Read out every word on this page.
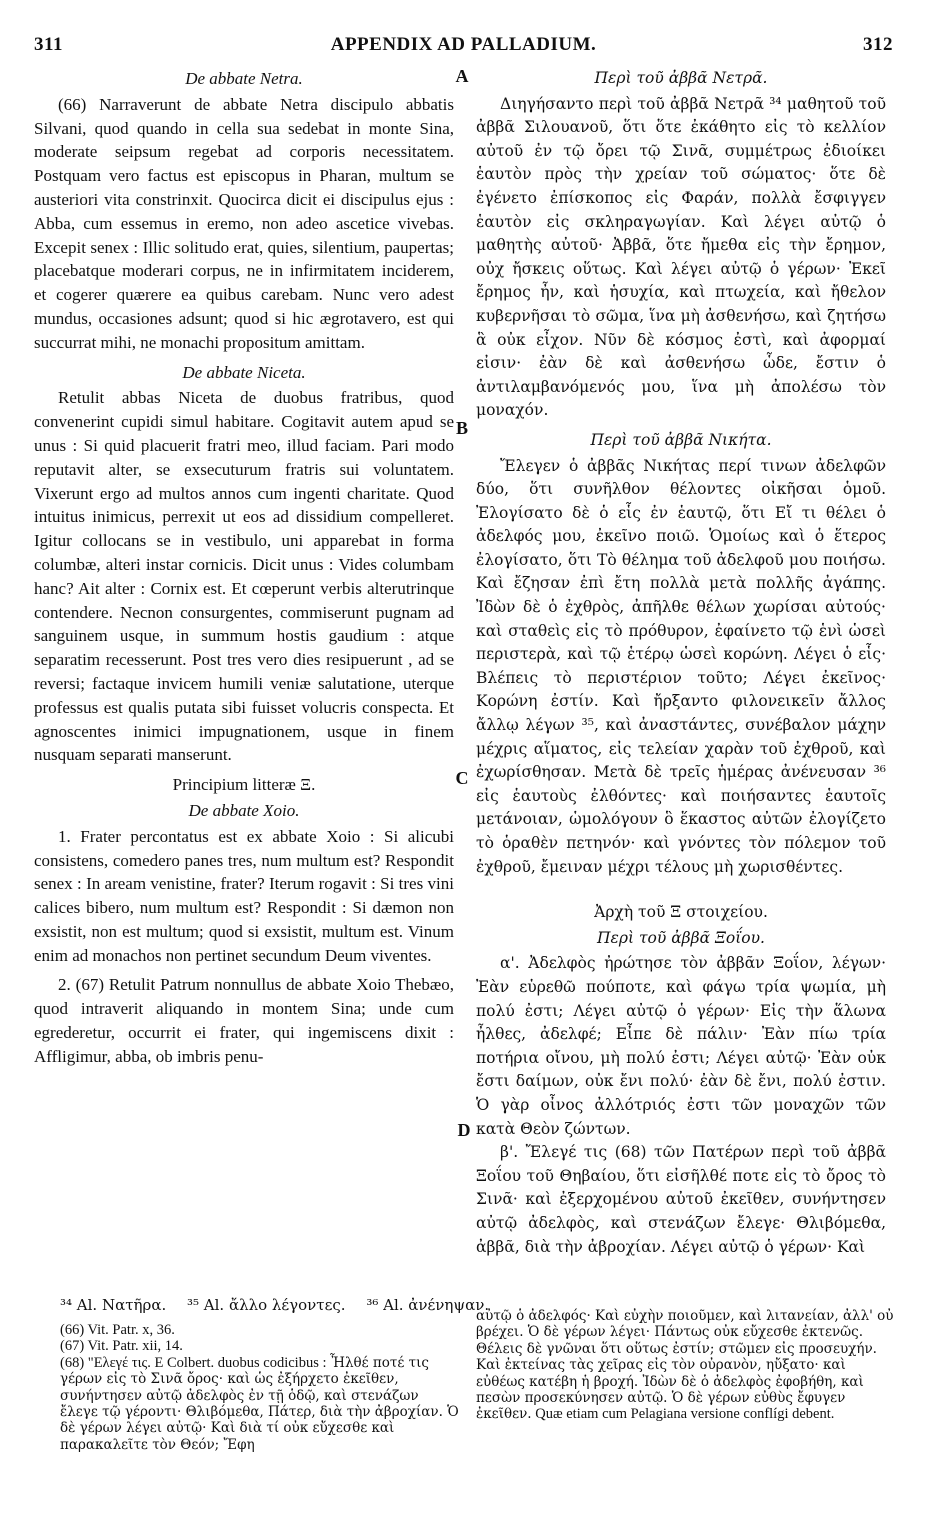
311	APPENDIX AD PALLADIUM.	312
A
B
C
D
De abbate Netra.

(66) Narraverunt de abbate Netra discipulo abbatis Silvani, quod quando in cella sua sedebat in monte Sina, moderate seipsum regebat ad corporis necessitatem. Postquam vero factus est episcopus in Pharan, multum se austeriori vita constrinxit. Quocirca dicit ei discipulus ejus : Abba, cum essemus in eremo, non adeo ascetice vivebas. Excepit senex : Illic solitudo erat, quies, silentium, paupertas; placebatque moderari corpus, ne in infirmitatem inciderem, et cogerer quærere ea quibus carebam. Nunc vero adest mundus, occasiones adsunt; quod si hic ægrotavero, est qui succurrat mihi, ne monachi propositum amittam.

De abbate Niceta.

Retulit abbas Niceta de duobus fratribus, quod convenerint cupidi simul habitare. Cogitavit autem apud se unus : Si quid placuerit fratri meo, illud faciam. Pari modo reputavit alter, se exsecuturum fratris sui voluntatem. Vixerunt ergo ad multos annos cum ingenti charitate. Quod intuitus inimicus, perrexit ut eos ad dissidium compelleret. Igitur collocans se in vestibulo, uni apparebat in forma columbæ, alteri instar cornicis. Dicit unus : Vides columbam hanc? Ait alter : Cornix est. Et cœperunt verbis alterutrinque contendere. Necnon consurgentes, commiserunt pugnam ad sanguinem usque, in summum hostis gaudium : atque separatim recesserunt. Post tres vero dies resipuerunt , ad se reversi; factaque invicem humili veniæ salutatione, uterque professus est qualis putata sibi fuisset volucris conspecta. Et agnoscentes inimici impugnationem, usque in finem nusquam separati manserunt.

Principium litteræ Ξ.
De abbate Xoio.

1. Frater percontatus est ex abbate Xoio : Si alicubi consistens, comedero panes tres, num multum est? Respondit senex : In aream venistine, frater? Iterum rogavit : Si tres vini calices bibero, num multum est? Respondit : Si dæmon non exsistit, non est multum; quod si exsistit, multum est. Vinum enim ad monachos non pertinet secundum Deum viventes.

2. (67) Retulit Patrum nonnullus de abbate Xoio Thebæo, quod intraverit aliquando in montem Sina; unde cum egrederetur, occurrit ei frater, qui ingemiscens dixit : Affligimur, abba, ob imbris penu-

Περὶ τοῦ ἀββᾶ Νετρᾶ.

Διηγήσαντο περὶ τοῦ ἀββᾶ Νετρᾶ ³⁴ μαθητοῦ τοῦ ἀββᾶ Σιλουανοῦ, ὅτι ὅτε ἐκάθητο εἰς τὸ κελλίον αὐτοῦ ἐν τῷ ὄρει τῷ Σινᾶ, συμμέτρως ἐδιοίκει ἑαυτὸν πρὸς τὴν χρείαν τοῦ σώματος· ὅτε δὲ ἐγένετο ἐπίσκοπος εἰς Φαράν, πολλὰ ἔσφιγγεν ἑαυτὸν εἰς σκληραγωγίαν. Καὶ λέγει αὐτῷ ὁ μαθητὴς αὐτοῦ· Ἀββᾶ, ὅτε ἤμεθα εἰς τὴν ἔρημον, οὐχ ἤσκεις οὕτως. Καὶ λέγει αὐτῷ ὁ γέρων· Ἐκεῖ ἔρημος ἦν, καὶ ἡσυχία, καὶ πτωχεία, καὶ ἤθελον κυβερνῆσαι τὸ σῶμα, ἵνα μὴ ἀσθενήσω, καὶ ζητήσω ἃ οὐκ εἶχον. Νῦν δὲ κόσμος ἐστὶ, καὶ ἀφορμαί εἰσιν· ἐὰν δὲ καὶ ἀσθενήσω ὧδε, ἔστιν ὁ ἀντιλαμβανόμενός μου, ἵνα μὴ ἀπολέσω τὸν μοναχόν.

Περὶ τοῦ ἀββᾶ Νικήτα.

Ἔλεγεν ὁ ἀββᾶς Νικήτας περί τινων ἀδελφῶν δύο, ὅτι συνῆλθον θέλοντες οἰκῆσαι ὁμοῦ. Ἐλογίσατο δὲ ὁ εἷς ἐν ἑαυτῷ, ὅτι Εἴ τι θέλει ὁ ἀδελφός μου, ἐκεῖνο ποιῶ. Ὁμοίως καὶ ὁ ἕτερος ἐλογίσατο, ὅτι Τὸ θέλημα τοῦ ἀδελφοῦ μου ποιήσω. Καὶ ἔζησαν ἐπὶ ἔτη πολλὰ μετὰ πολλῆς ἀγάπης. Ἰδὼν δὲ ὁ ἐχθρὸς, ἀπῆλθε θέλων χωρίσαι αὐτούς· καὶ σταθεὶς εἰς τὸ πρόθυρον, ἐφαίνετο τῷ ἑνὶ ὡσεὶ περιστερὰ, καὶ τῷ ἑτέρῳ ὡσεὶ κορώνη. Λέγει ὁ εἷς· Βλέπεις τὸ περιστέριον τοῦτο; Λέγει ἐκεῖνος· Κορώνη ἐστίν. Καὶ ἤρξαντο φιλονεικεῖν ἄλλος ἄλλῳ λέγων ³⁵, καὶ ἀναστάντες, συνέβαλον μάχην μέχρις αἵματος, εἰς τελείαν χαρὰν τοῦ ἐχθροῦ, καὶ ἐχωρίσθησαν. Μετὰ δὲ τρεῖς ἡμέρας ἀνένευσαν ³⁶ εἰς ἑαυτοὺς ἐλθόντες· καὶ ποιήσαντες ἑαυτοῖς μετάνοιαν, ὡμολόγουν ὃ ἕκαστος αὐτῶν ἐλογίζετο τὸ ὁραθὲν πετηνόν· καὶ γνόντες τὸν πόλεμον τοῦ ἐχθροῦ, ἔμειναν μέχρι τέλους μὴ χωρισθέντες.

Ἀρχὴ τοῦ Ξ στοιχείου.
Περὶ τοῦ ἀββᾶ Ξοΐου.

α'. Ἀδελφὸς ἠρώτησε τὸν ἀββᾶν Ξοΐον, λέγων· Ἐὰν εὑρεθῶ πούποτε, καὶ φάγω τρία ψωμία, μὴ πολύ ἐστι; Λέγει αὐτῷ ὁ γέρων· Εἰς τὴν ἅλωνα ἦλθες, ἀδελφέ; Εἶπε δὲ πάλιν· Ἐὰν πίω τρία ποτήρια οἴνου, μὴ πολύ ἐστι; Λέγει αὐτῷ· Ἐὰν οὐκ ἔστι δαίμων, οὐκ ἔνι πολύ· ἐὰν δὲ ἔνι, πολύ ἐστιν. Ὁ γὰρ οἶνος ἀλλότριός ἐστι τῶν μοναχῶν τῶν κατὰ Θεὸν ζώντων.

β'. Ἔλεγέ τις (68) τῶν Πατέρων περὶ τοῦ ἀββᾶ Ξοΐου τοῦ Θηβαίου, ὅτι εἰσῆλθέ ποτε εἰς τὸ ὄρος τὸ Σινᾶ· καὶ ἐξερχομένου αὐτοῦ ἐκεῖθεν, συνήντησεν αὐτῷ ἀδελφὸς, καὶ στενάζων ἔλεγε· Θλιβόμεθα, ἀββᾶ, διὰ τὴν ἀβροχίαν. Λέγει αὐτῷ ὁ γέρων· Καὶ

³⁴ Al. Νατῆρα. ³⁵ Al. ἄλλο λέγοντες. ³⁶ Al. ἀνένηψαν.

(66) Vit. Patr. x, 36.

(67) Vit. Patr. xii, 14.

(68) "Ελεγέ τις. E Colbert. duobus codicibus : Ἦλθέ ποτέ τις γέρων εἰς τὸ Σινᾶ ὄρος· καὶ ὡς ἐξήρχετο ἐκεῖθεν, συνήντησεν αὐτῷ ἀδελφὸς ἐν τῇ ὁδῷ, καὶ στενάζων ἔλεγε τῷ γέροντι· Θλιβόμεθα, Πάτερ, διὰ τὴν ἀβροχίαν. Ὁ δὲ γέρων λέγει αὐτῷ· Καὶ διὰ τί οὐκ εὔχεσθε καὶ παρακαλεῖτε τὸν Θεόν; Ἔφη

αὐτῷ ὁ ἀδελφός· Καὶ εὐχὴν ποιοῦμεν, καὶ λιτανείαν, ἀλλ' οὐ βρέχει. Ὁ δὲ γέρων λέγει· Πάντως οὐκ εὔχεσθε ἐκτενῶς. Θέλεις δὲ γνῶναι ὅτι οὕτως ἐστίν; στῶμεν εἰς προσευχήν. Καὶ ἐκτείνας τὰς χεῖρας εἰς τὸν οὐρανὸν, ηὔξατο· καὶ εὐθέως κατέβη ἡ βροχή. Ἰδὼν δὲ ὁ ἀδελφὸς ἐφοβήθη, καὶ πεσὼν προσεκύνησεν αὐτῷ. Ὁ δὲ γέρων εὐθὺς ἔφυγεν ἐκεῖθεν. Quæ etiam cum Pelagiana versione conflígi debent.
